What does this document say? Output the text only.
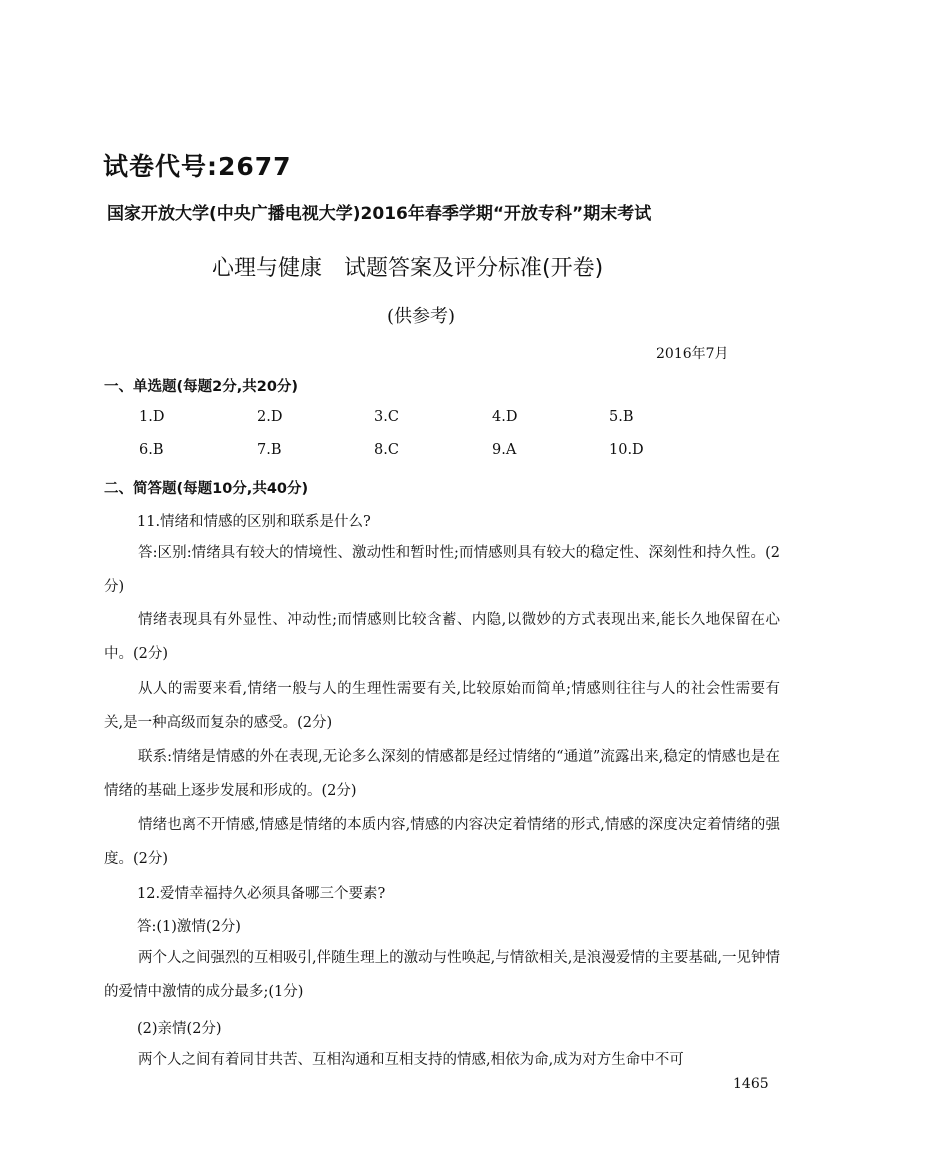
试卷代号:2677
国家开放大学(中央广播电视大学)2016年春季学期“开放专科”期末考试
心理与健康　试题答案及评分标准(开卷)
(供参考)
2016年7月
一、单选题(每题2分,共20分)
1.D	2.D	3.C	4.D	5.B
6.B	7.B	8.C	9.A	10.D
二、简答题(每题10分,共40分)
11.情绪和情感的区别和联系是什么?
答:区别:情绪具有较大的情境性、激动性和暂时性;而情感则具有较大的稳定性、深刻性和持久性。(2分)
情绪表现具有外显性、冲动性;而情感则比较含蓄、内隐,以微妙的方式表现出来,能长久地保留在心中。(2分)
从人的需要来看,情绪一般与人的生理性需要有关,比较原始而简单;情感则往往与人的社会性需要有关,是一种高级而复杂的感受。(2分)
联系:情绪是情感的外在表现,无论多么深刻的情感都是经过情绪的“通道”流露出来,稳定的情感也是在情绪的基础上逐步发展和形成的。(2分)
情绪也离不开情感,情感是情绪的本质内容,情感的内容决定着情绪的形式,情感的深度决定着情绪的强度。(2分)
12.爱情幸福持久必须具备哪三个要素?
答:(1)激情(2分)
两个人之间强烈的互相吸引,伴随生理上的激动与性唤起,与情欲相关,是浪漫爱情的主要基础,一见钟情的爱情中激情的成分最多;(1分)
(2)亲情(2分)
两个人之间有着同甘共苦、互相沟通和互相支持的情感,相依为命,成为对方生命中不可
1465
